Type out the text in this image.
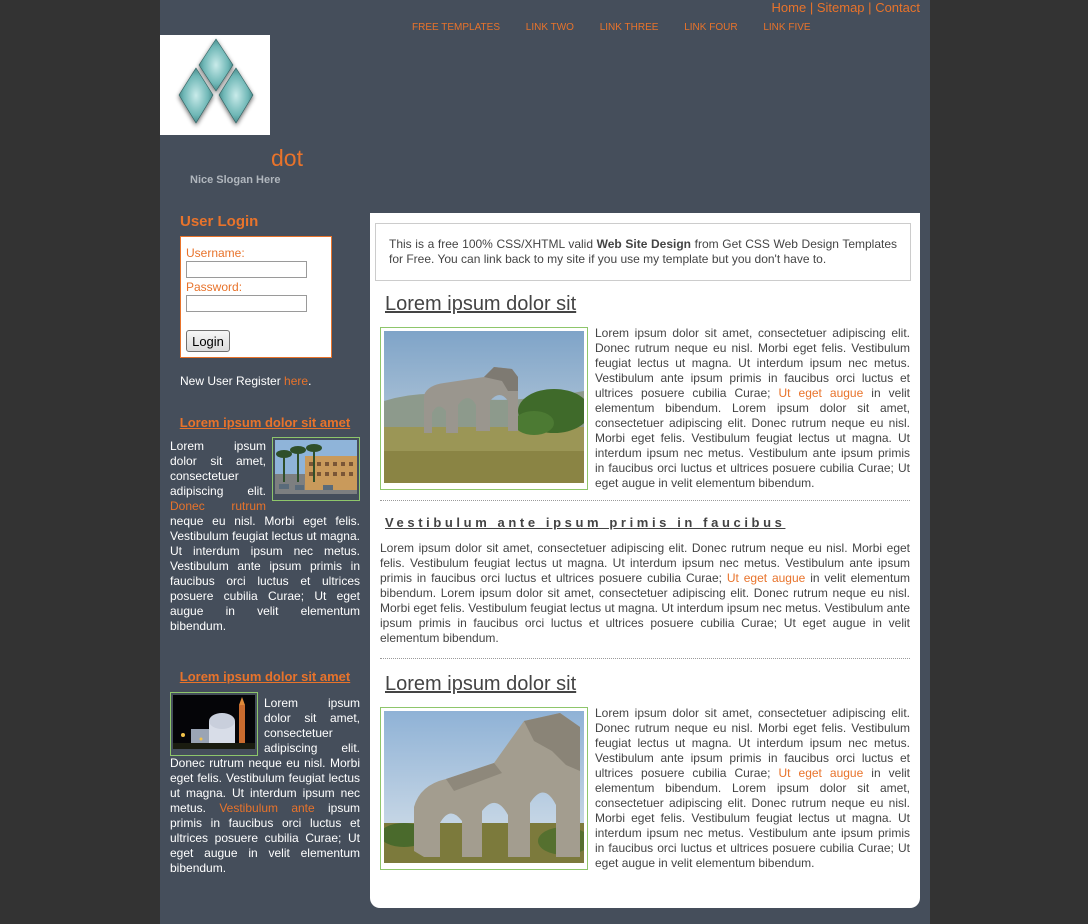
Home | Sitemap | Contact
FREE TEMPLATES	LINK TWO	LINK THREE	LINK FOUR	LINK FIVE
dot
Nice Slogan Here
User Login
Username:
Password:
Login
New User Register here.
Lorem ipsum dolor sit amet
Lorem ipsum dolor sit amet, consectetuer adipiscing elit. Donec rutrum neque eu nisl. Morbi eget felis. Vestibulum feugiat lectus ut magna. Ut interdum ipsum nec metus. Vestibulum ante ipsum primis in faucibus orci luctus et ultrices posuere cubilia Curae; Ut eget augue in velit elementum bibendum.
Lorem ipsum dolor sit amet
Lorem ipsum dolor sit amet, consectetuer adipiscing elit. Donec rutrum neque eu nisl. Morbi eget felis. Vestibulum feugiat lectus ut magna. Ut interdum ipsum nec metus. Vestibulum ante ipsum primis in faucibus orci luctus et ultrices posuere cubilia Curae; Ut eget augue in velit elementum bibendum.
This is a free 100% CSS/XHTML valid Web Site Design from Get CSS Web Design Templates for Free. You can link back to my site if you use my template but you don't have to.
Lorem ipsum dolor sit
Lorem ipsum dolor sit amet, consectetuer adipiscing elit. Donec rutrum neque eu nisl. Morbi eget felis. Vestibulum feugiat lectus ut magna. Ut interdum ipsum nec metus. Vestibulum ante ipsum primis in faucibus orci luctus et ultrices posuere cubilia Curae; Ut eget augue in velit elementum bibendum. Lorem ipsum dolor sit amet, consectetuer adipiscing elit. Donec rutrum neque eu nisl. Morbi eget felis. Vestibulum feugiat lectus ut magna. Ut interdum ipsum nec metus. Vestibulum ante ipsum primis in faucibus orci luctus et ultrices posuere cubilia Curae; Ut eget augue in velit elementum bibendum.
Vestibulum ante ipsum primis in faucibus
Lorem ipsum dolor sit amet, consectetuer adipiscing elit. Donec rutrum neque eu nisl. Morbi eget felis. Vestibulum feugiat lectus ut magna. Ut interdum ipsum nec metus. Vestibulum ante ipsum primis in faucibus orci luctus et ultrices posuere cubilia Curae; Ut eget augue in velit elementum bibendum. Lorem ipsum dolor sit amet, consectetuer adipiscing elit. Donec rutrum neque eu nisl. Morbi eget felis. Vestibulum feugiat lectus ut magna. Ut interdum ipsum nec metus. Vestibulum ante ipsum primis in faucibus orci luctus et ultrices posuere cubilia Curae; Ut eget augue in velit elementum bibendum.
Lorem ipsum dolor sit
Lorem ipsum dolor sit amet, consectetuer adipiscing elit. Donec rutrum neque eu nisl. Morbi eget felis. Vestibulum feugiat lectus ut magna. Ut interdum ipsum nec metus. Vestibulum ante ipsum primis in faucibus orci luctus et ultrices posuere cubilia Curae; Ut eget augue in velit elementum bibendum. Lorem ipsum dolor sit amet, consectetuer adipiscing elit. Donec rutrum neque eu nisl. Morbi eget felis. Vestibulum feugiat lectus ut magna. Ut interdum ipsum nec metus. Vestibulum ante ipsum primis in faucibus orci luctus et ultrices posuere cubilia Curae; Ut eget augue in velit elementum bibendum.
